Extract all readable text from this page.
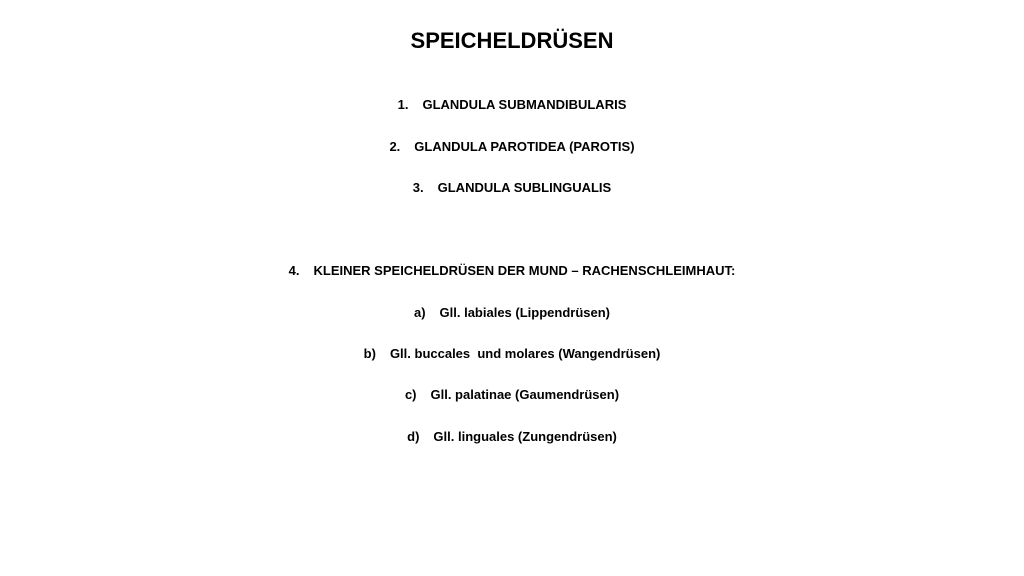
SPEICHELDRÜSEN
1. GLANDULA SUBMANDIBULARIS
2. GLANDULA PAROTIDEA (PAROTIS)
3. GLANDULA SUBLINGUALIS
4. KLEINER SPEICHELDRÜSEN DER MUND – RACHENSCHLEIMHAUT:
a) Gll. labiales (Lippendrüsen)
b) Gll. buccales  und molares (Wangendrüsen)
c) Gll. palatinae (Gaumendrüsen)
d) Gll. linguales (Zungendrüsen)
